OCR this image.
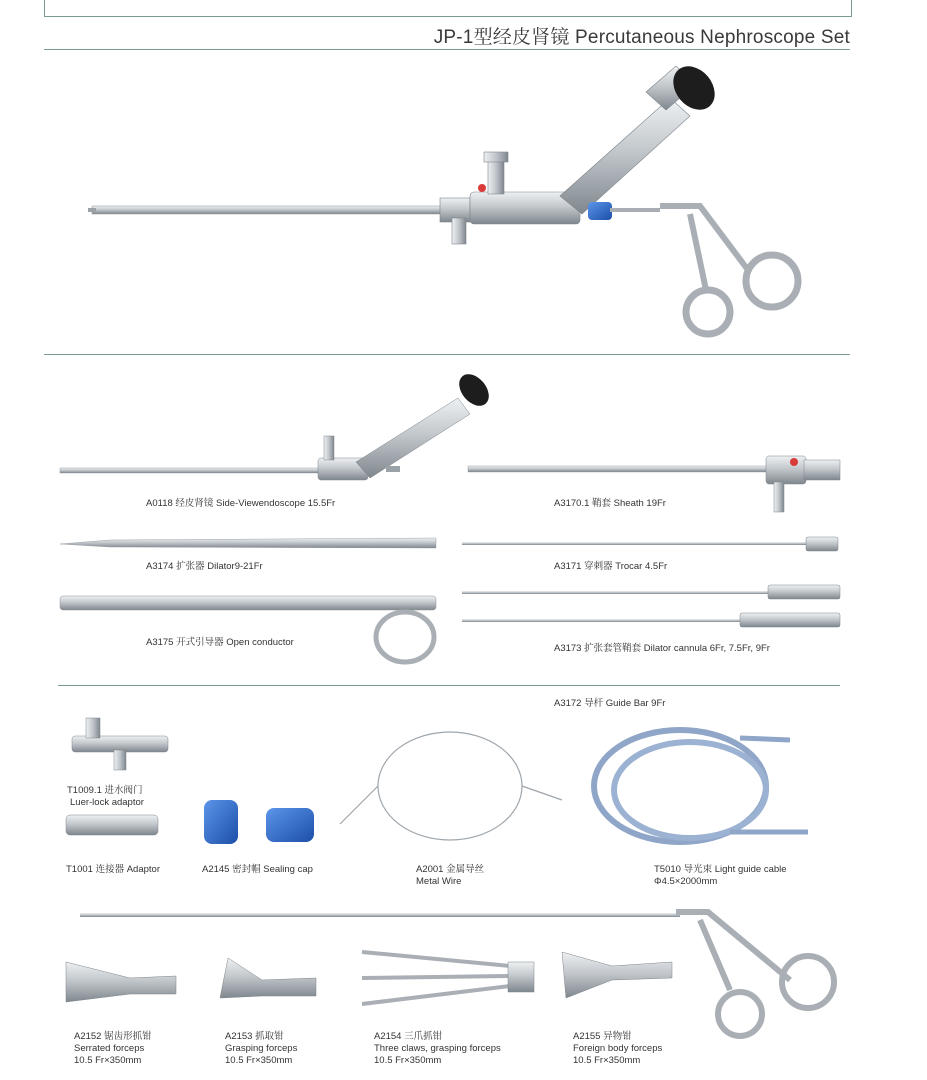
JP-1型经皮肾镜 Percutaneous Nephroscope Set
A0118 经皮肾镜 Side-Viewendoscope 15.5Fr	A3170.1 鞘套 Sheath 19Fr
A3174 扩张器 Dilator9-21Fr	A3171 穿刺器 Trocar 4.5Fr
A3175 开式引导器 Open conductor
A3173 扩张套管鞘套 Dilator cannula 6Fr, 7.5Fr, 9Fr
A3172 导杆 Guide Bar 9Fr
T1009.1 进水阀门
Luer-lock adaptor
T1001 连接器 Adaptor	A2145 密封帽 Sealing cap	A2001 金属导丝
Metal Wire
T5010 导光束 Light guide cable
Φ4.5×2000mm
A2152 锯齿形抓钳
Serrated forceps
10.5 Fr×350mm
A2153 抓取钳
Grasping forceps
10.5 Fr×350mm
A2154 三爪抓钳
Three claws, grasping forceps
10.5 Fr×350mm
A2155 异物钳
Foreign body forceps
10.5 Fr×350mm
